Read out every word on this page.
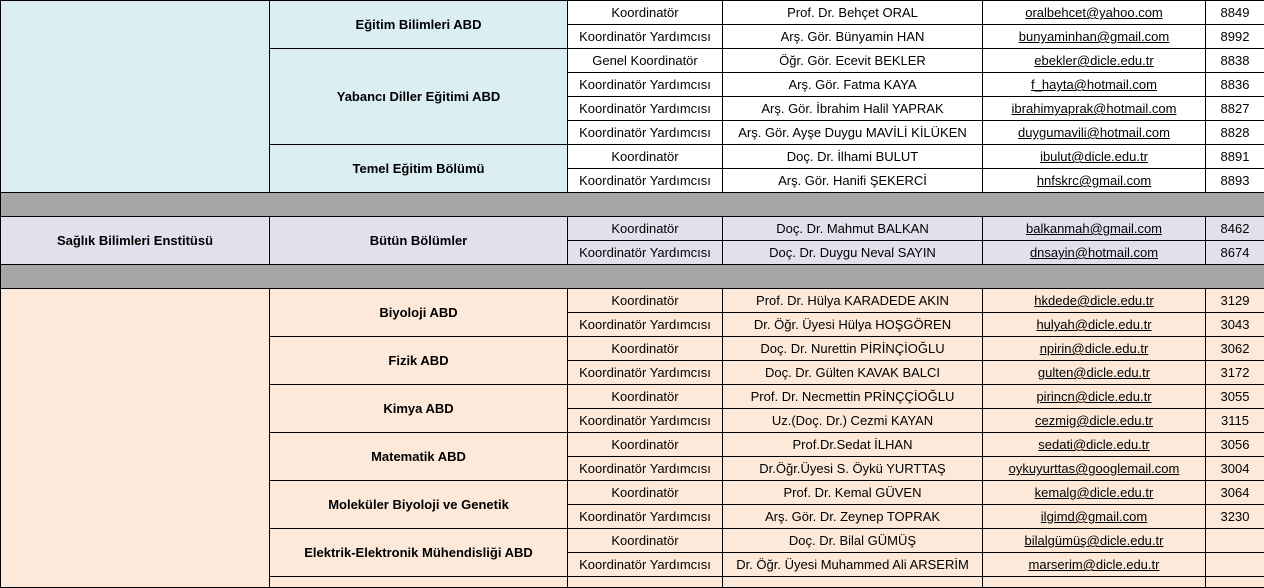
	Eğitim Bilimleri ABD	Koordinatör	Prof. Dr. Behçet ORAL	oralbehcet@yahoo.com	8849
		Koordinatör Yardımcısı	Arş. Gör. Bünyamin HAN	bunyaminhan@gmail.com	8992
	Yabancı Diller Eğitimi ABD	Genel Koordinatör	Öğr. Gör. Ecevit BEKLER	ebekler@dicle.edu.tr	8838
		Koordinatör Yardımcısı	Arş. Gör. Fatma KAYA	f_hayta@hotmail.com	8836
		Koordinatör Yardımcısı	Arş. Gör. İbrahim Halil YAPRAK	ibrahimyaprak@hotmail.com	8827
		Koordinatör Yardımcısı	Arş. Gör. Ayşe Duygu MAVİLİ KİLÜKEN	duygumavili@hotmail.com	8828
	Temel Eğitim Bölümü	Koordinatör	Doç. Dr. İlhami BULUT	ibulut@dicle.edu.tr	8891
		Koordinatör Yardımcısı	Arş. Gör. Hanifi ŞEKERCİ	hnfskrc@gmail.com	8893

Sağlık Bilimleri Enstitüsü	Bütün Bölümler	Koordinatör	Doç. Dr. Mahmut BALKAN	balkanmah@gmail.com	8462
		Koordinatör Yardımcısı	Doç. Dr. Duygu Neval SAYIN	dnsayin@hotmail.com	8674

	Biyoloji ABD	Koordinatör	Prof. Dr. Hülya KARADEDE AKIN	hkdede@dicle.edu.tr	3129
		Koordinatör Yardımcısı	Dr. Öğr. Üyesi Hülya HOŞGÖREN	hulyah@dicle.edu.tr	3043
	Fizik ABD	Koordinatör	Doç. Dr. Nurettin PİRİNÇİOĞLU	npirin@dicle.edu.tr	3062
		Koordinatör Yardımcısı	Doç. Dr. Gülten KAVAK BALCI	gulten@dicle.edu.tr	3172
	Kimya ABD	Koordinatör	Prof. Dr. Necmettin PRİNÇÇİOĞLU	pirincn@dicle.edu.tr	3055
		Koordinatör Yardımcısı	Uz.(Doç. Dr.) Cezmi KAYAN	cezmig@dicle.edu.tr	3115
	Matematik ABD	Koordinatör	Prof.Dr.Sedat İLHAN	sedati@dicle.edu.tr	3056
		Koordinatör Yardımcısı	Dr.Öğr.Üyesi S. Öykü YURTTAŞ	oykuyurttas@googlemail.com	3004
	Moleküler Biyoloji ve Genetik	Koordinatör	Prof. Dr. Kemal GÜVEN	kemalg@dicle.edu.tr	3064
		Koordinatör Yardımcısı	Arş. Gör. Dr. Zeynep TOPRAK	ilgimd@gmail.com	3230
	Elektrik-Elektronik Mühendisliği ABD	Koordinatör	Doç. Dr. Bilal GÜMÜŞ	bilalgümüş@dicle.edu.tr	
		Koordinatör Yardımcısı	Dr. Öğr. Üyesi Muhammed Ali ARSERİM	marserim@dicle.edu.tr	
